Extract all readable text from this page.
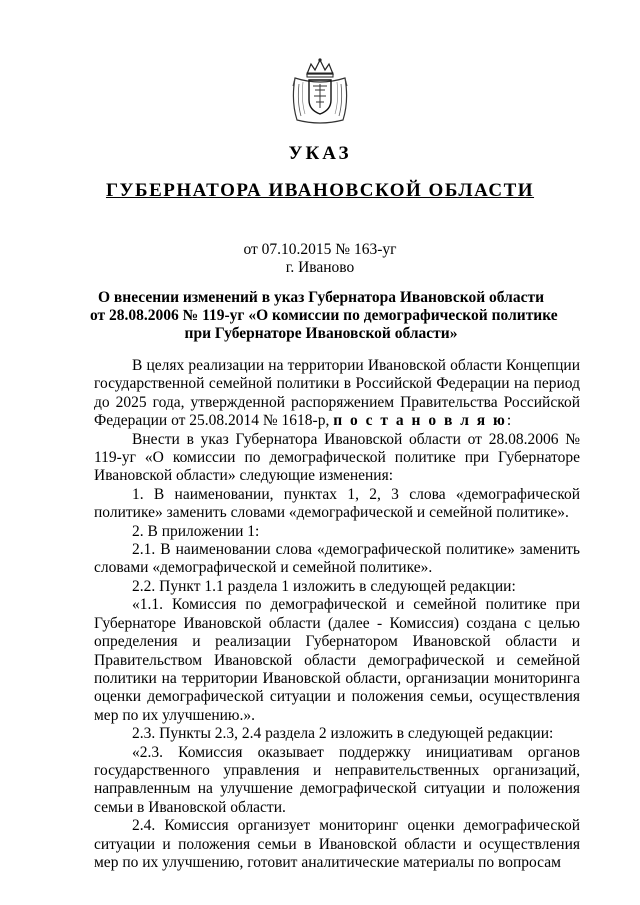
УКАЗ
ГУБЕРНАТОРА ИВАНОВСКОЙ ОБЛАСТИ
от 07.10.2015 № 163-уг
г. Иваново
О внесении изменений в указ Губернатора Ивановской области
от 28.08.2006 № 119-уг «О комиссии по демографической политике
при Губернаторе Ивановской области»

В целях реализации на территории Ивановской области Концепции государственной семейной политики в Российской Федерации на период до 2025 года, утвержденной распоряжением Правительства Российской Федерации от 25.08.2014 № 1618-р, п о с т а н о в л я ю:

Внести в указ Губернатора Ивановской области от 28.08.2006 № 119-уг «О комиссии по демографической политике при Губернаторе Ивановской области» следующие изменения:

1. В наименовании, пунктах 1, 2, 3 слова «демографической политике» заменить словами «демографической и семейной политике».

2. В приложении 1:

2.1. В наименовании слова «демографической политике» заменить словами «демографической и семейной политике».

2.2. Пункт 1.1 раздела 1 изложить в следующей редакции:

«1.1. Комиссия по демографической и семейной политике при Губернаторе Ивановской области (далее - Комиссия) создана с целью определения и реализации Губернатором Ивановской области и Правительством Ивановской области демографической и семейной политики на территории Ивановской области, организации мониторинга оценки демографической ситуации и положения семьи, осуществления мер по их улучшению.».

2.3. Пункты 2.3, 2.4 раздела 2 изложить в следующей редакции:

«2.3. Комиссия оказывает поддержку инициативам органов государственного управления и неправительственных организаций, направленным на улучшение демографической ситуации и положения семьи в Ивановской области.

2.4. Комиссия организует мониторинг оценки демографической ситуации и положения семьи в Ивановской области и осуществления мер по их улучшению, готовит аналитические материалы по вопросам
